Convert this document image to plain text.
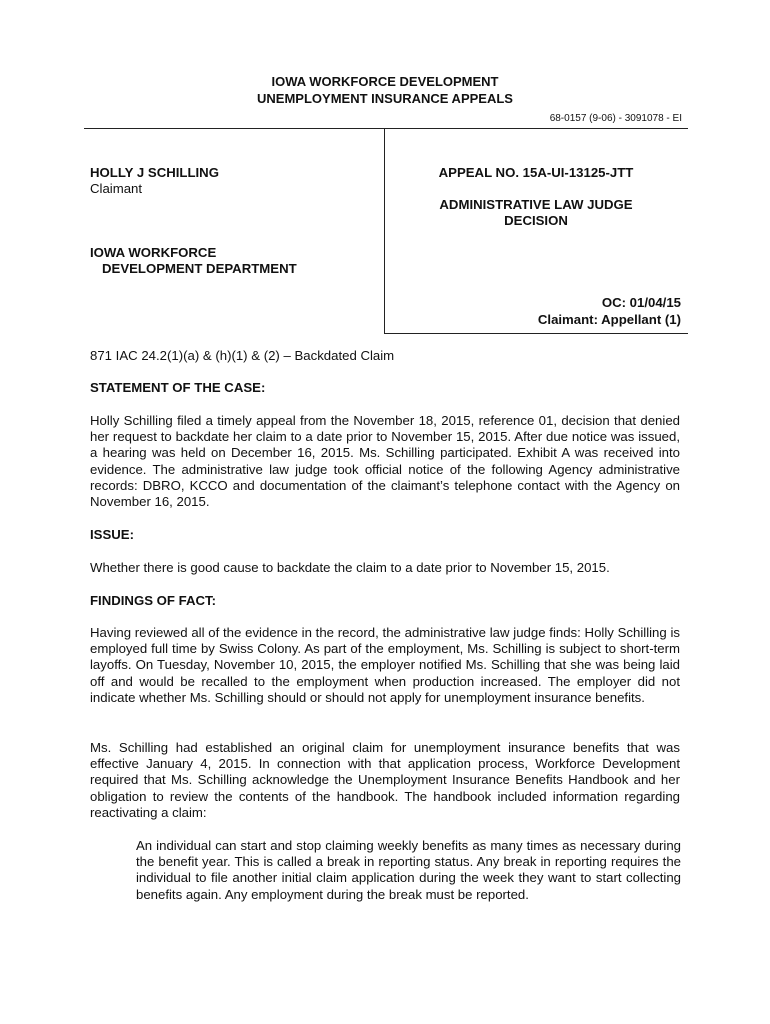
IOWA WORKFORCE DEVELOPMENT
UNEMPLOYMENT INSURANCE APPEALS
68-0157 (9-06) - 3091078 - EI
HOLLY J SCHILLING
Claimant
IOWA WORKFORCE
DEVELOPMENT DEPARTMENT
APPEAL NO. 15A-UI-13125-JTT
ADMINISTRATIVE LAW JUDGE
DECISION
OC: 01/04/15
Claimant: Appellant (1)
871 IAC 24.2(1)(a) & (h)(1) & (2) – Backdated Claim
STATEMENT OF THE CASE:

Holly Schilling filed a timely appeal from the November 18, 2015, reference 01, decision that denied her request to backdate her claim to a date prior to November 15, 2015. After due notice was issued, a hearing was held on December 16, 2015. Ms. Schilling participated. Exhibit A was received into evidence. The administrative law judge took official notice of the following Agency administrative records: DBRO, KCCO and documentation of the claimant’s telephone contact with the Agency on November 16, 2015.

ISSUE:

Whether there is good cause to backdate the claim to a date prior to November 15, 2015.

FINDINGS OF FACT:

Having reviewed all of the evidence in the record, the administrative law judge finds: Holly Schilling is employed full time by Swiss Colony. As part of the employment, Ms. Schilling is subject to short-term layoffs. On Tuesday, November 10, 2015, the employer notified Ms. Schilling that she was being laid off and would be recalled to the employment when production increased. The employer did not indicate whether Ms. Schilling should or should not apply for unemployment insurance benefits.

Ms. Schilling had established an original claim for unemployment insurance benefits that was effective January 4, 2015. In connection with that application process, Workforce Development required that Ms. Schilling acknowledge the Unemployment Insurance Benefits Handbook and her obligation to review the contents of the handbook. The handbook included information regarding reactivating a claim:

An individual can start and stop claiming weekly benefits as many times as necessary during the benefit year. This is called a break in reporting status. Any break in reporting requires the individual to file another initial claim application during the week they want to start collecting benefits again. Any employment during the break must be reported.
